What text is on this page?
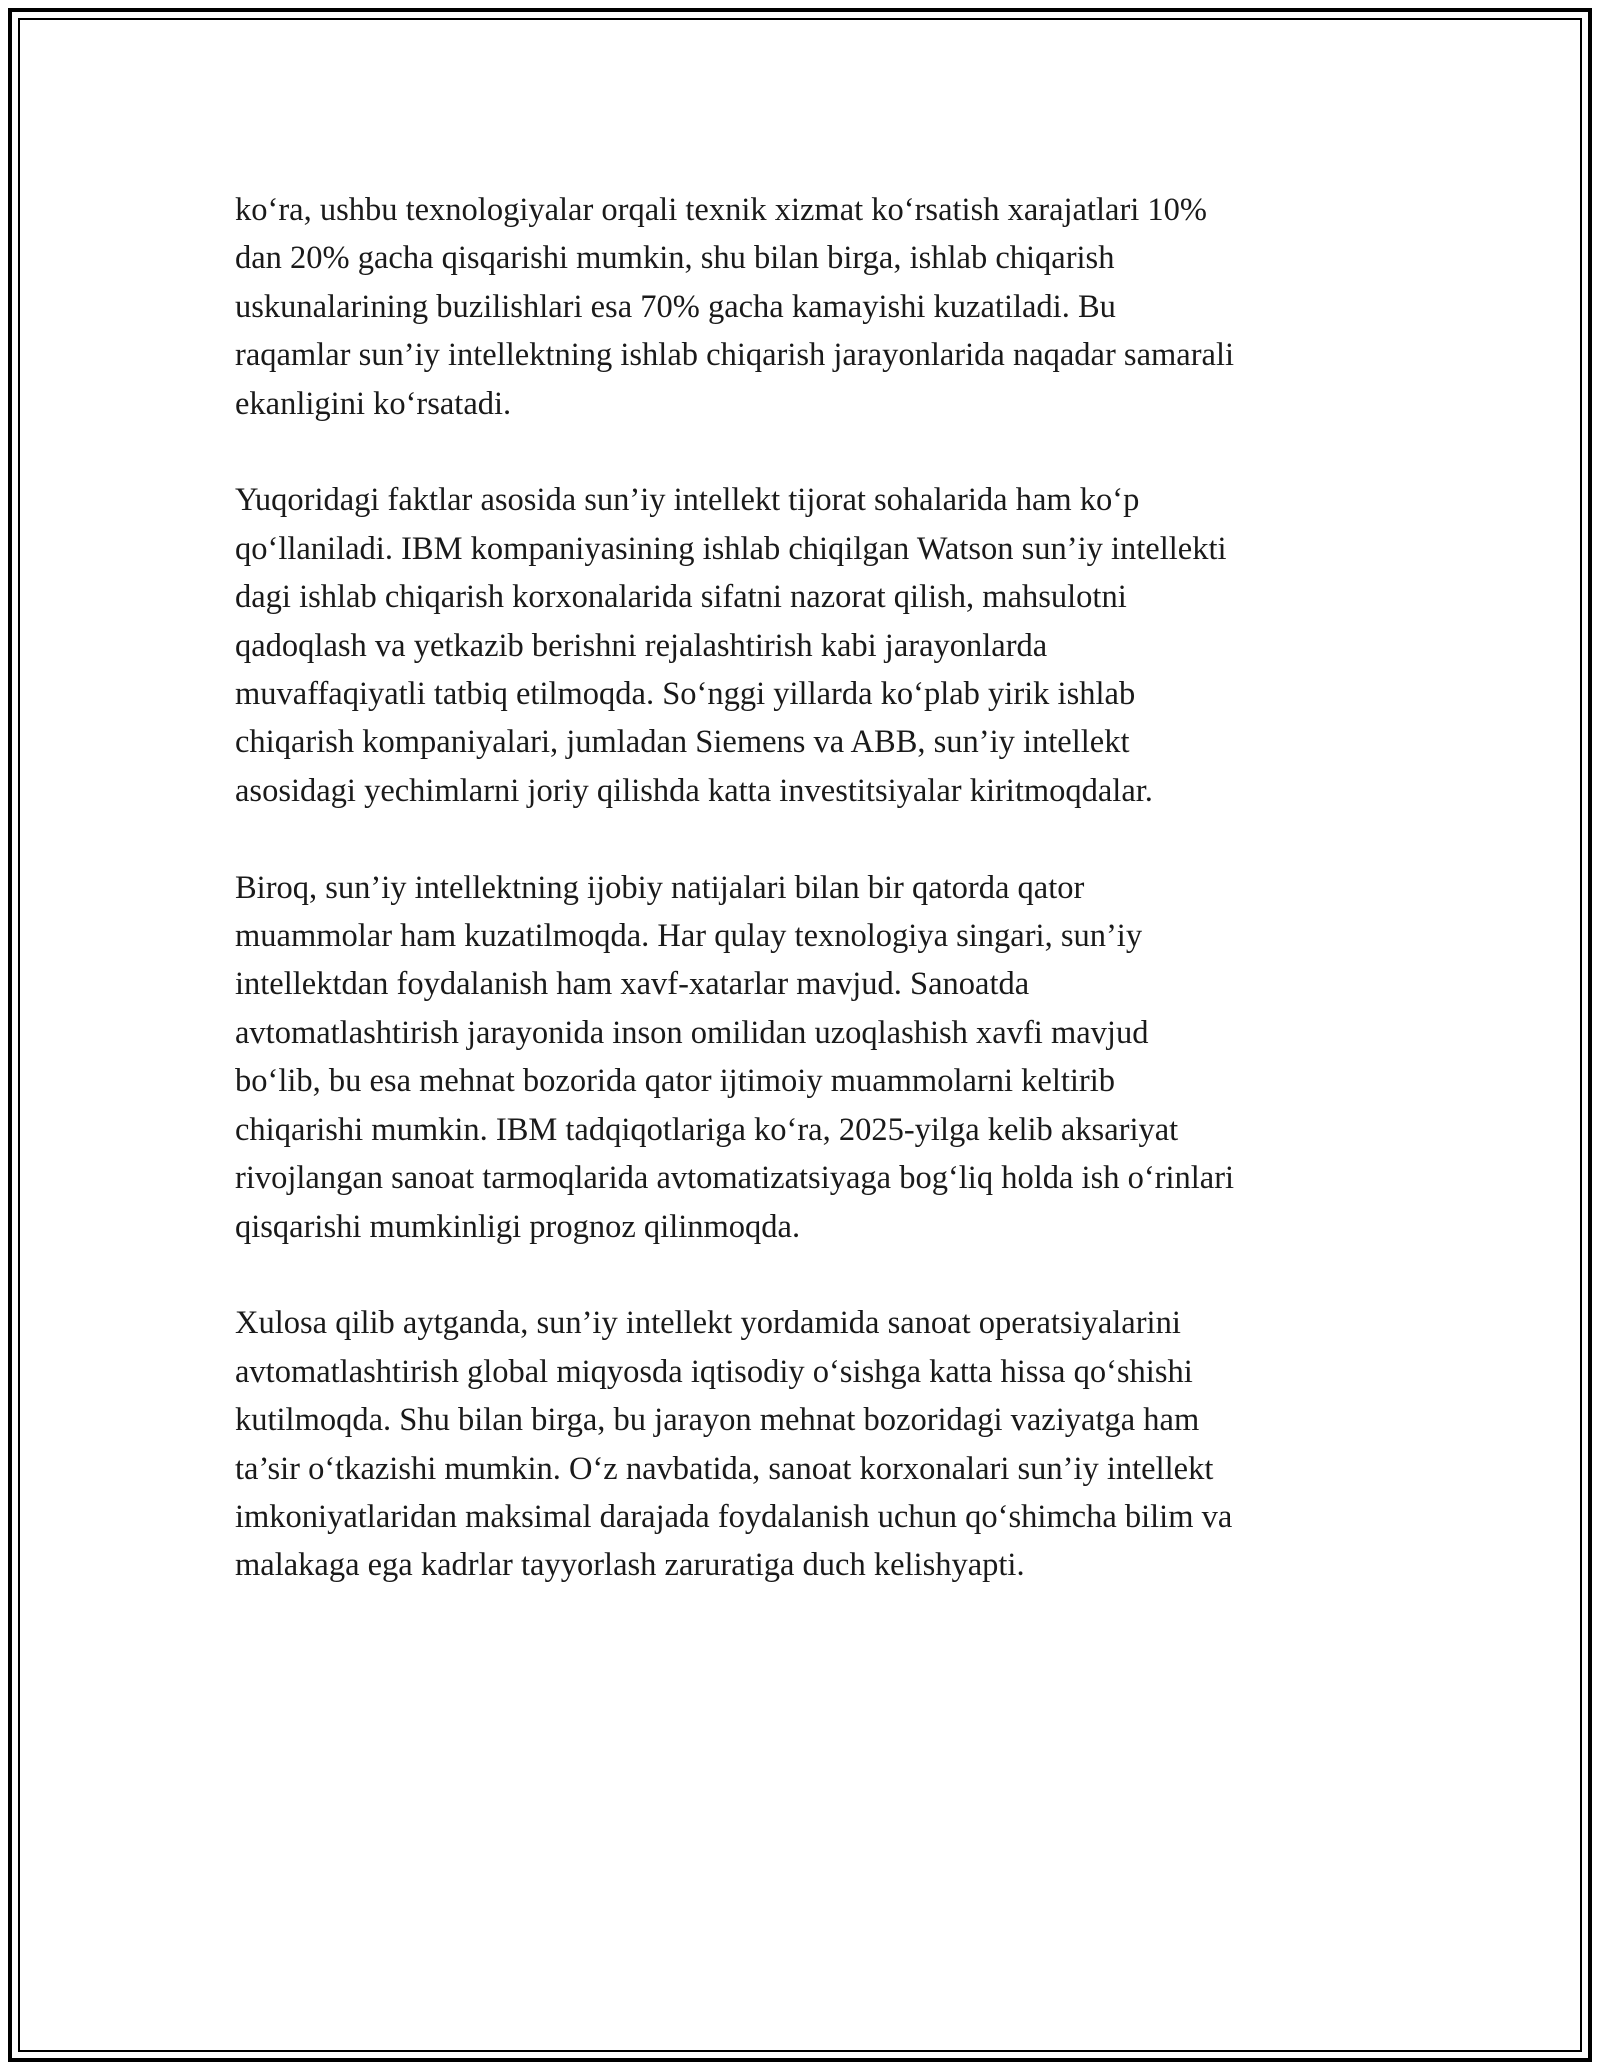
ko‘ra, ushbu texnologiyalar orqali texnik xizmat ko‘rsatish xarajatlari 10%
dan 20% gacha qisqarishi mumkin, shu bilan birga, ishlab chiqarish
uskunalarining buzilishlari esa 70% gacha kamayishi kuzatiladi. Bu
raqamlar sun’iy intellektning ishlab chiqarish jarayonlarida naqadar samarali
ekanligini ko‘rsatadi.

Yuqoridagi faktlar asosida sun’iy intellekt tijorat sohalarida ham ko‘p
qo‘llaniladi. IBM kompaniyasining ishlab chiqilgan Watson sun’iy intellekti
dagi ishlab chiqarish korxonalarida sifatni nazorat qilish, mahsulotni
qadoqlash va yetkazib berishni rejalashtirish kabi jarayonlarda
muvaffaqiyatli tatbiq etilmoqda. So‘nggi yillarda ko‘plab yirik ishlab
chiqarish kompaniyalari, jumladan Siemens va ABB, sun’iy intellekt
asosidagi yechimlarni joriy qilishda katta investitsiyalar kiritmoqdalar.

Biroq, sun’iy intellektning ijobiy natijalari bilan bir qatorda qator
muammolar ham kuzatilmoqda. Har qulay texnologiya singari, sun’iy
intellektdan foydalanish ham xavf-xatarlar mavjud. Sanoatda
avtomatlashtirish jarayonida inson omilidan uzoqlashish xavfi mavjud
bo‘lib, bu esa mehnat bozorida qator ijtimoiy muammolarni keltirib
chiqarishi mumkin. IBM tadqiqotlariga ko‘ra, 2025-yilga kelib aksariyat
rivojlangan sanoat tarmoqlarida avtomatizatsiyaga bog‘liq holda ish o‘rinlari
qisqarishi mumkinligi prognoz qilinmoqda.

Xulosa qilib aytganda, sun’iy intellekt yordamida sanoat operatsiyalarini
avtomatlashtirish global miqyosda iqtisodiy o‘sishga katta hissa qo‘shishi
kutilmoqda. Shu bilan birga, bu jarayon mehnat bozoridagi vaziyatga ham
ta’sir o‘tkazishi mumkin. O‘z navbatida, sanoat korxonalari sun’iy intellekt
imkoniyatlaridan maksimal darajada foydalanish uchun qo‘shimcha bilim va
malakaga ega kadrlar tayyorlash zaruratiga duch kelishyapti.
